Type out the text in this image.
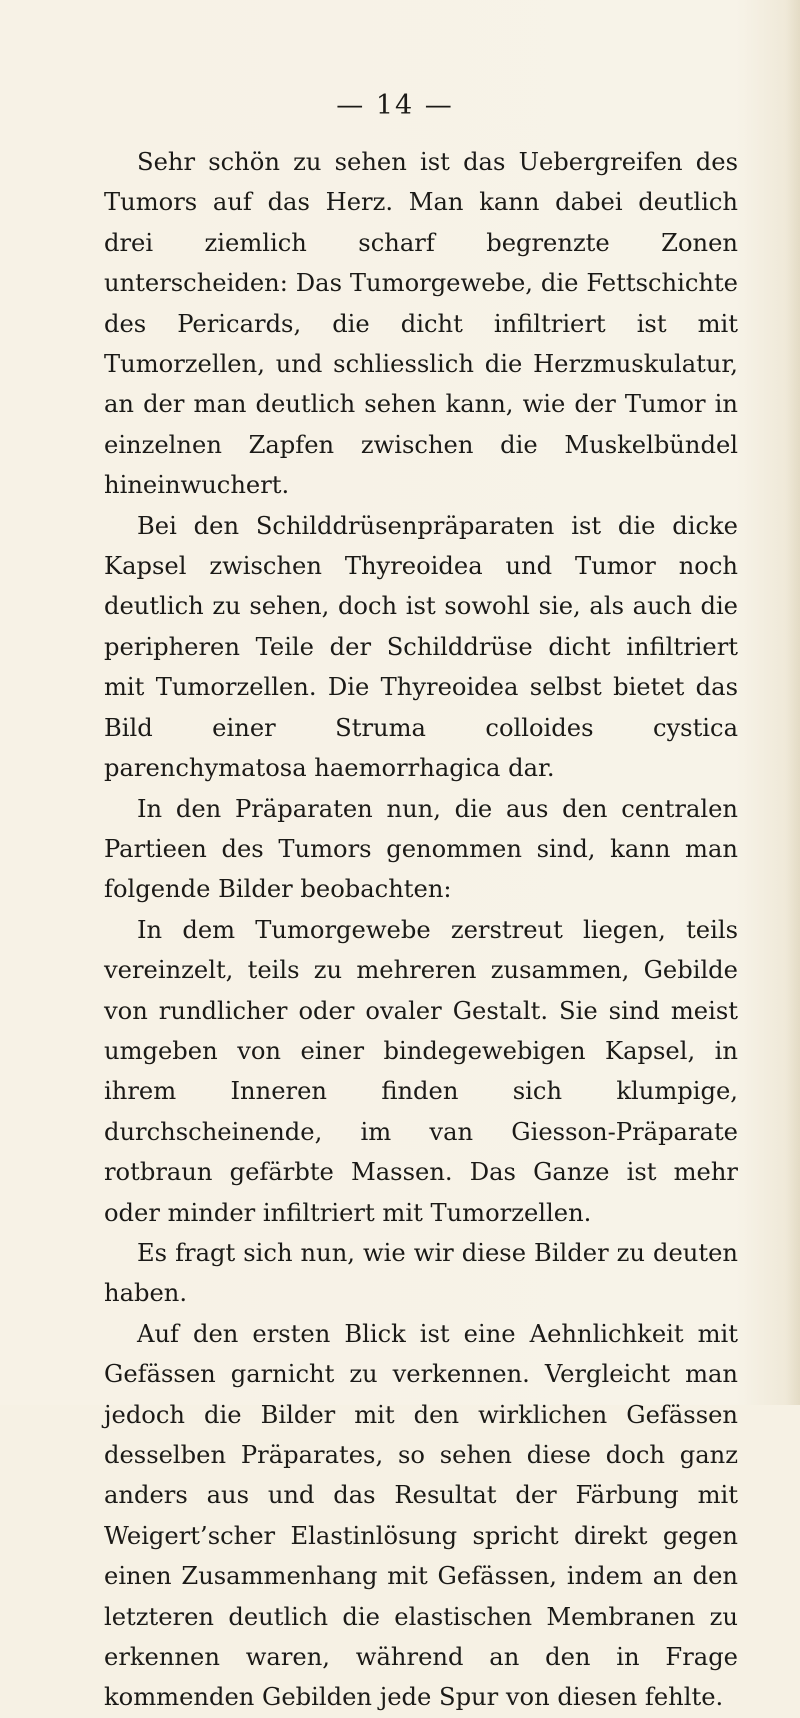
— 14 —

Sehr schön zu sehen ist das Uebergreifen des Tumors auf das Herz. Man kann dabei deutlich drei ziemlich scharf begrenzte Zonen unterscheiden: Das Tumorgewebe, die Fettschichte des Pericards, die dicht infiltriert ist mit Tumorzellen, und schliesslich die Herzmuskulatur, an der man deutlich sehen kann, wie der Tumor in einzelnen Zapfen zwischen die Muskelbündel hineinwuchert.

Bei den Schilddrüsenpräparaten ist die dicke Kapsel zwischen Thyreoidea und Tumor noch deutlich zu sehen, doch ist sowohl sie, als auch die peripheren Teile der Schilddrüse dicht infiltriert mit Tumorzellen. Die Thyreoidea selbst bietet das Bild einer Struma colloides cystica parenchymatosa haemorrhagica dar.

In den Präparaten nun, die aus den centralen Partieen des Tumors genommen sind, kann man folgende Bilder beobachten:

In dem Tumorgewebe zerstreut liegen, teils vereinzelt, teils zu mehreren zusammen, Gebilde von rundlicher oder ovaler Gestalt. Sie sind meist umgeben von einer bindegewebigen Kapsel, in ihrem Inneren finden sich klumpige, durchscheinende, im van Giesson-Präparate rotbraun gefärbte Massen. Das Ganze ist mehr oder minder infiltriert mit Tumorzellen.

Es fragt sich nun, wie wir diese Bilder zu deuten haben.

Auf den ersten Blick ist eine Aehnlichkeit mit Gefässen garnicht zu verkennen. Vergleicht man jedoch die Bilder mit den wirklichen Gefässen desselben Präparates, so sehen diese doch ganz anders aus und das Resultat der Färbung mit Weigert’scher Elastinlösung spricht direkt gegen einen Zusammenhang mit Gefässen, indem an den letzteren deutlich die elastischen Membranen zu erkennen waren, während an den in Frage kommenden Gebilden jede Spur von diesen fehlte.
